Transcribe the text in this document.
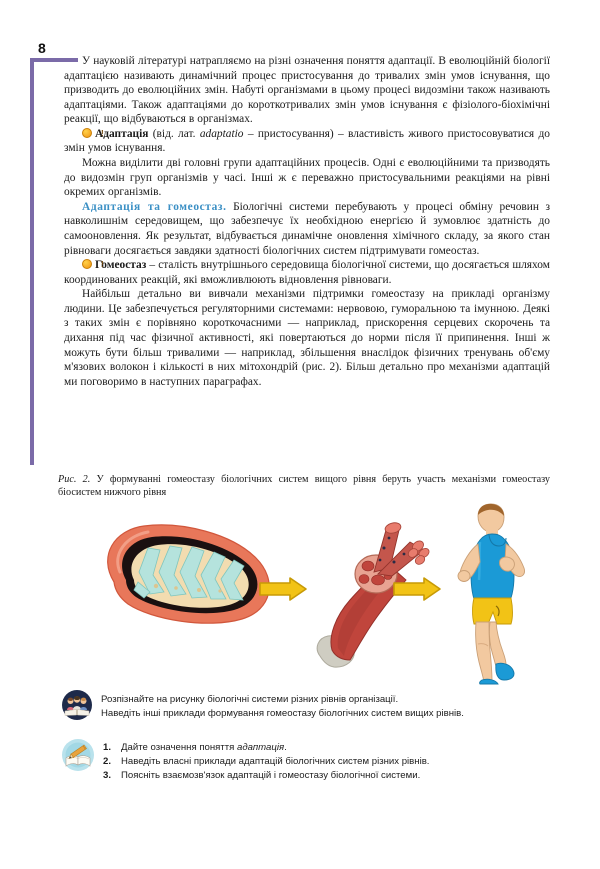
8

У науковій літературі натрапляємо на різні означення поняття адаптації. В еволюційній біології адаптацією називають динамічний процес пристосування до тривалих змін умов існування, що призводить до еволюційних змін. Набуті організмами в цьому процесі видозміни також називають адаптаціями. Також адаптаціями до короткотривалих змін умов існування є фізіолого-біохімічні реакції, що відбуваються в організмах.

!Адаптація (від. лат. adaptatio – пристосування) – властивість живого пристосовуватися до змін умов існування.

Можна виділити дві головні групи адаптаційних процесів. Одні є еволюційними та призводять до видозмін груп організмів у часі. Інші ж є переважно пристосувальними реакціями на рівні окремих організмів.

Адаптація та гомеостаз. Біологічні системи перебувають у процесі обміну речовин з навколишнім середовищем, що забезпечує їх необхідною енергією й зумовлює здатність до самооновлення. Як результат, відбувається динамічне оновлення хімічного складу, за якого стан рівноваги досягається завдяки здатності біологічних систем підтримувати гомеостаз.

!Гомеостаз – сталість внутрішнього середовища біологічної системи, що досягається шляхом координованих реакцій, які вможливлюють відновлення рівноваги.

Найбільш детально ви вивчали механізми підтримки гомеостазу на прикладі організму людини. Це забезпечується регуляторними системами: нервовою, гуморальною та імунною. Деякі з таких змін є порівняно короткочасними — наприклад, прискорення серцевих скорочень та дихання під час фізичної активності, які повертаються до норми після її припинення. Інші ж можуть бути більш тривалими — наприклад, збільшення внаслідок фізичних тренувань об'єму м'язових волокон і кількості в них мітохондрій (рис. 2). Більш детально про механізми адаптацій ми поговоримо в наступних параграфах.

Рис. 2. У формуванні гомеостазу біологічних систем вищого рівня беруть участь механізми гомеостазу біосистем нижчого рівня
Розпізнайте на рисунку біологічні системи різних рівнів організації.
Наведіть інші приклади формування гомеостазу біологічних систем вищих рівнів.
1. Дайте означення поняття адаптація.
2. Наведіть власні приклади адаптацій біологічних систем різних рівнів.
3. Поясніть взаємозв'язок адаптацій і гомеостазу біологічної системи.
